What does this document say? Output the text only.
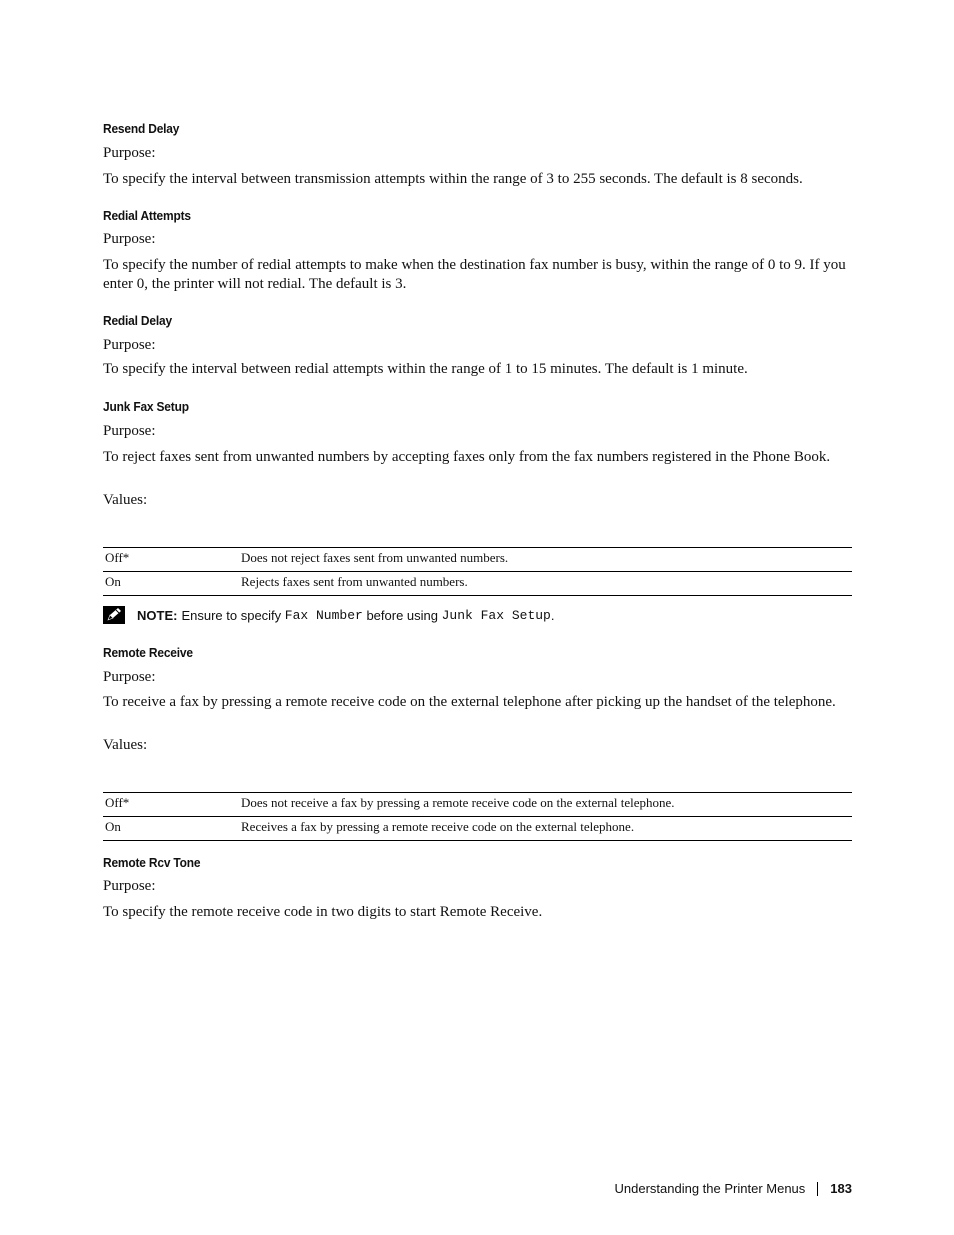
Resend Delay
Purpose:
To specify the interval between transmission attempts within the range of 3 to 255 seconds. The default is 8 seconds.
Redial Attempts
Purpose:
To specify the number of redial attempts to make when the destination fax number is busy, within the range of 0 to 9. If you enter 0, the printer will not redial. The default is 3.
Redial Delay
Purpose:
To specify the interval between redial attempts within the range of 1 to 15 minutes. The default is 1 minute.
Junk Fax Setup
Purpose:
To reject faxes sent from unwanted numbers by accepting faxes only from the fax numbers registered in the Phone Book.
Values:
Off*	Does not reject faxes sent from unwanted numbers.
On	Rejects faxes sent from unwanted numbers.
NOTE: Ensure to specify
Fax Number
before using
Junk Fax Setup .
Remote Receive
Purpose:
To receive a fax by pressing a remote receive code on the external telephone after picking up the handset of the telephone.
Values:
Off*	Does not receive a fax by pressing a remote receive code on the external telephone.
On	Receives a fax by pressing a remote receive code on the external telephone.
Remote Rcv Tone
Purpose:
To specify the remote receive code in two digits to start Remote Receive.
Understanding the Printer Menus 183
